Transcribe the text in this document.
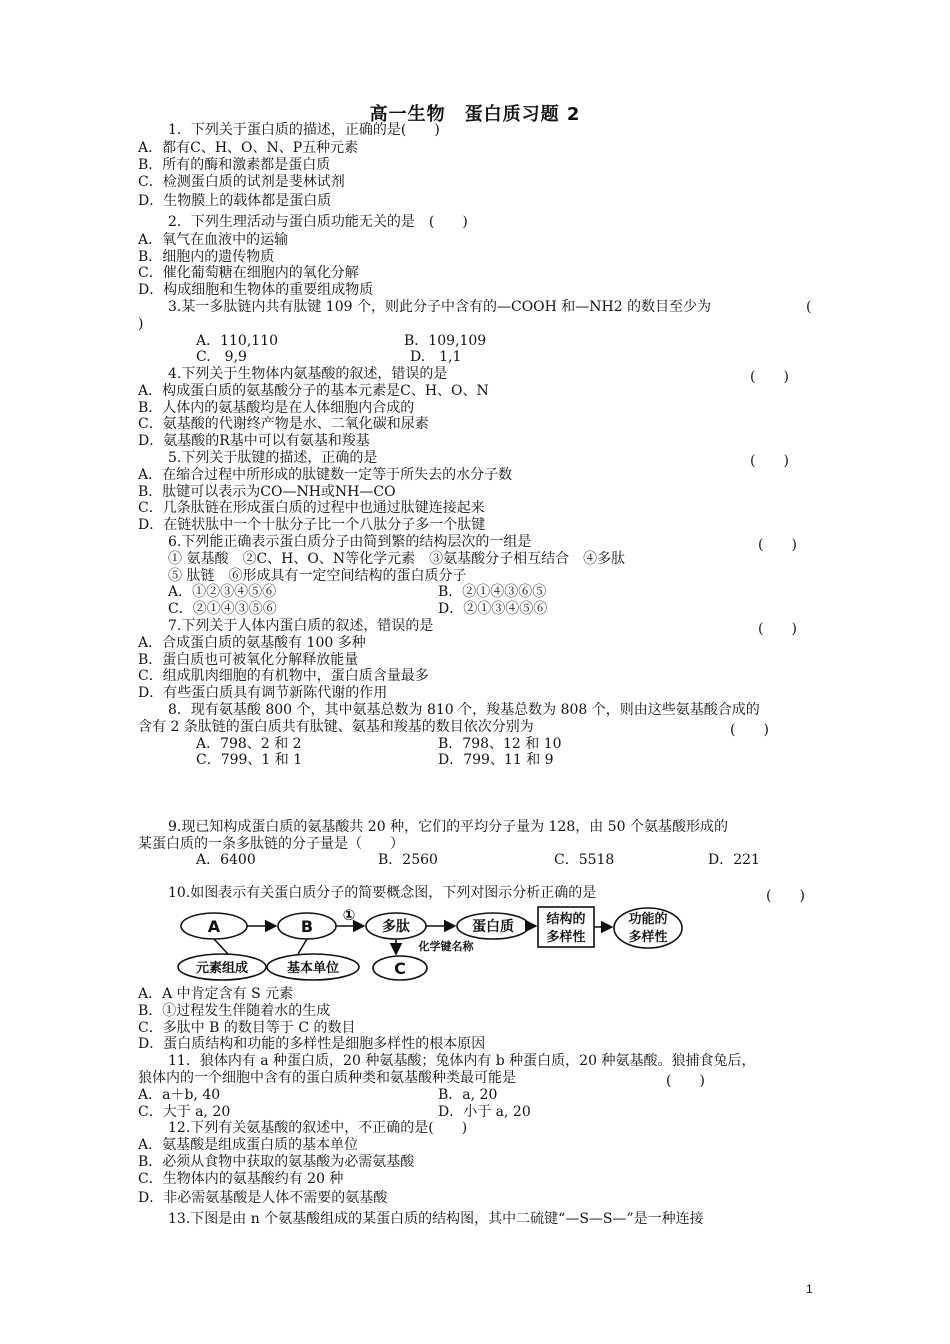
高一生物　蛋白质习题 2
1．下列关于蛋白质的描述，正确的是(　　)
A．都有C、H、O、N、P五种元素
B．所有的酶和激素都是蛋白质
C．检测蛋白质的试剂是斐林试剂
D．生物膜上的载体都是蛋白质
2．下列生理活动与蛋白质功能无关的是　(　　)
A．氧气在血液中的运输
B．细胞内的遗传物质
C．催化葡萄糖在细胞内的氧化分解
D．构成细胞和生物体的重要组成物质
3.某一多肽链内共有肽键 109 个，则此分子中含有的—COOH 和—NH2 的数目至少为	(
)
A．110,110	B．109,109
C.　9,9	D.　1,1
4.下列关于生物体内氨基酸的叙述，错误的是	(　　)
A．构成蛋白质的氨基酸分子的基本元素是C、H、O、N
B．人体内的氨基酸均是在人体细胞内合成的
C．氨基酸的代谢终产物是水、二氧化碳和尿素
D．氨基酸的R基中可以有氨基和羧基
5.下列关于肽键的描述，正确的是	(　　)
A．在缩合过程中所形成的肽键数一定等于所失去的水分子数
B．肽键可以表示为CO—NH或NH—CO
C．几条肽链在形成蛋白质的过程中也通过肽键连接起来
D．在链状肽中一个十肽分子比一个八肽分子多一个肽键
6.下列能正确表示蛋白质分子由简到繁的结构层次的一组是	(　　)
① 氨基酸　②C、H、O、N等化学元素　③氨基酸分子相互结合　④多肽
⑤ 肽链　⑥形成具有一定空间结构的蛋白质分子
A．①②③④⑤⑥	B．②①④③⑥⑤
C．②①④③⑤⑥	D．②①③④⑤⑥
7.下列关于人体内蛋白质的叙述，错误的是	(　　)
A．合成蛋白质的氨基酸有 100 多种
B．蛋白质也可被氧化分解释放能量
C．组成肌肉细胞的有机物中，蛋白质含量最多
D．有些蛋白质具有调节新陈代谢的作用
8．现有氨基酸 800 个，其中氨基总数为 810 个，羧基总数为 808 个，则由这些氨基酸合成的
含有 2 条肽链的蛋白质共有肽键、氨基和羧基的数目依次分别为	(　　)
A．798、2 和 2	B．798、12 和 10
C．799、1 和 1	D．799、11 和 9
9.现已知构成蛋白质的氨基酸共 20 种，它们的平均分子量为 128，由 50 个氨基酸形成的
某蛋白质的一条多肽链的分子量是（　　）
A．6400	B．2560	C．5518	D．221
10.如图表示有关蛋白质分子的简要概念图，下列对图示分析正确的是	(　　)
A	B
①
多肽	蛋白质 结构的
多样性
功能的
多样性
元素组成	基本单位
化学键名称
C
A．A 中肯定含有 S 元素
B．①过程发生伴随着水的生成
C．多肽中 B 的数目等于 C 的数目
D．蛋白质结构和功能的多样性是细胞多样性的根本原因
11．狼体内有 a 种蛋白质，20 种氨基酸；兔体内有 b 种蛋白质，20 种氨基酸。狼捕食兔后，
狼体内的一个细胞中含有的蛋白质种类和氨基酸种类最可能是	(　　)
A．a＋b, 40	B．a, 20
C．大于 a, 20	D．小于 a, 20
12.下列有关氨基酸的叙述中，不正确的是(　　)
A．氨基酸是组成蛋白质的基本单位
B．必须从食物中获取的氨基酸为必需氨基酸
C．生物体内的氨基酸约有 20 种
D．非必需氨基酸是人体不需要的氨基酸
13.下图是由 n 个氨基酸组成的某蛋白质的结构图，其中二硫键“—S—S—”是一种连接
1
